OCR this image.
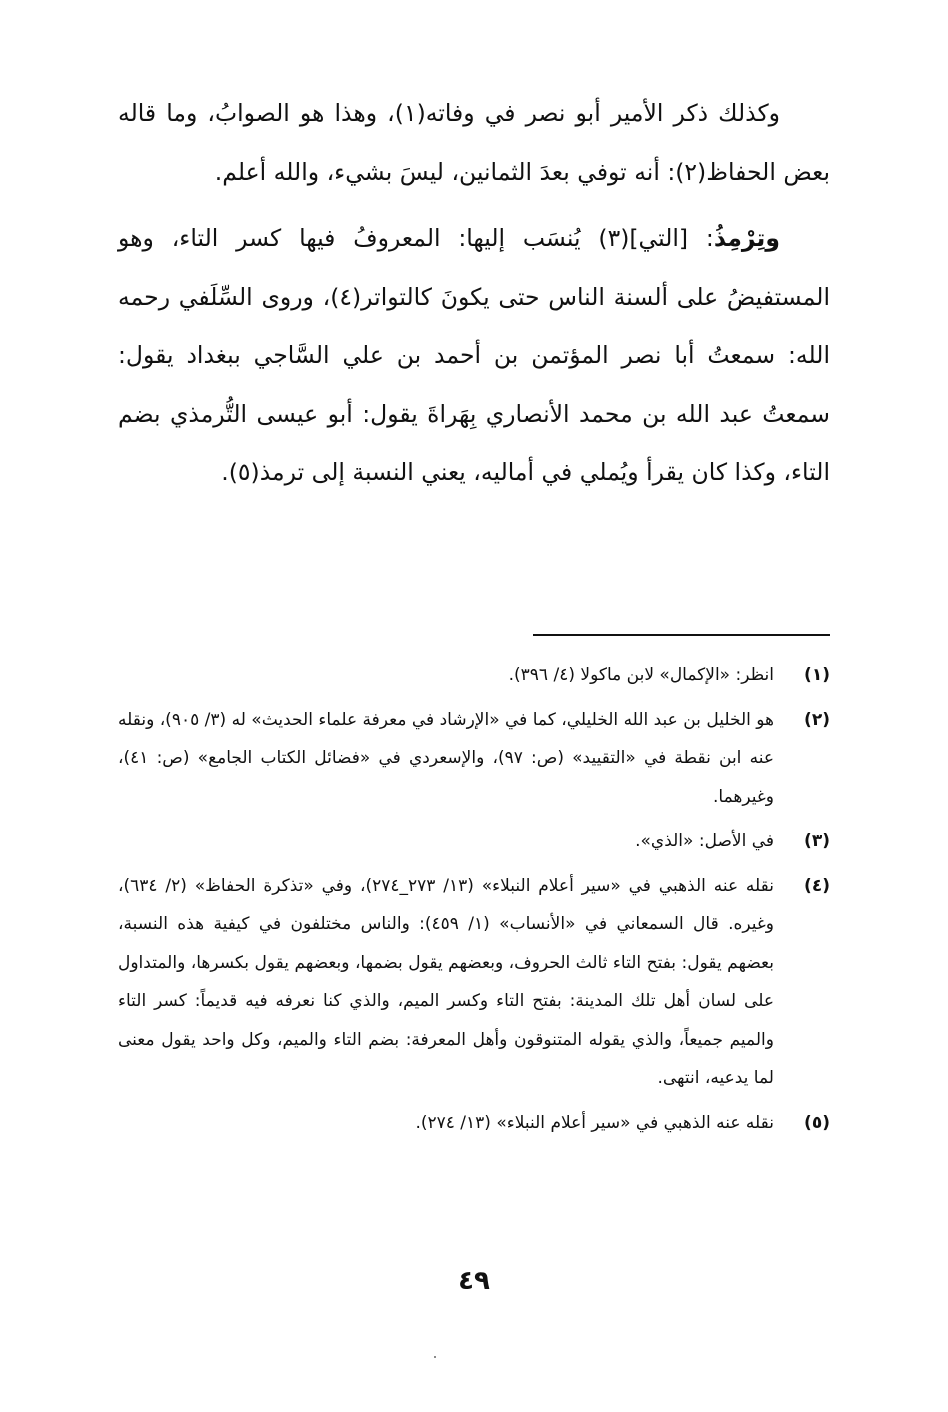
وكذلك ذكر الأمير أبو نصر في وفاته(١)، وهذا هو الصوابُ، وما قاله بعض الحفاظ(٢): أنه توفي بعدَ الثمانين، ليسَ بشيء، والله أعلم.

وتِرْمِذُ: [التي](٣) يُنسَب إليها: المعروفُ فيها كسر التاء، وهو المستفيضُ على ألسنة الناس حتى يكونَ كالتواتر(٤)، وروى السِّلَفي رحمه الله: سمعتُ أبا نصر المؤتمن بن أحمد بن علي السَّاجي ببغداد يقول: سمعتُ عبد الله بن محمد الأنصاري بِهَراةَ يقول: أبو عيسى التُّرمذي بضم التاء، وكذا كان يقرأ ويُملي في أماليه، يعني النسبة إلى ترمذ(٥).

(١)
انظر: «الإكمال» لابن ماكولا (٤/ ٣٩٦).
(٢)
هو الخليل بن عبد الله الخليلي، كما في «الإرشاد في معرفة علماء الحديث» له (٣/ ٩٠٥)، ونقله عنه ابن نقطة في «التقييد» (ص: ٩٧)، والإسعردي في «فضائل الكتاب الجامع» (ص: ٤١)، وغيرهما.
(٣)
في الأصل: «الذي».
(٤)
نقله عنه الذهبي في «سير أعلام النبلاء» (١٣/ ٢٧٣_٢٧٤)، وفي «تذكرة الحفاظ» (٢/ ٦٣٤)، وغيره. قال السمعاني في «الأنساب» (١/ ٤٥٩): والناس مختلفون في كيفية هذه النسبة، بعضهم يقول: بفتح التاء ثالث الحروف، وبعضهم يقول بضمها، وبعضهم يقول بكسرها، والمتداول على لسان أهل تلك المدينة: بفتح التاء وكسر الميم، والذي كنا نعرفه فيه قديماً: كسر التاء والميم جميعاً، والذي يقوله المتنوقون وأهل المعرفة: بضم التاء والميم، وكل واحد يقول معنى لما يدعيه، انتهى.
(٥)
نقله عنه الذهبي في «سير أعلام النبلاء» (١٣/ ٢٧٤).
٤٩
